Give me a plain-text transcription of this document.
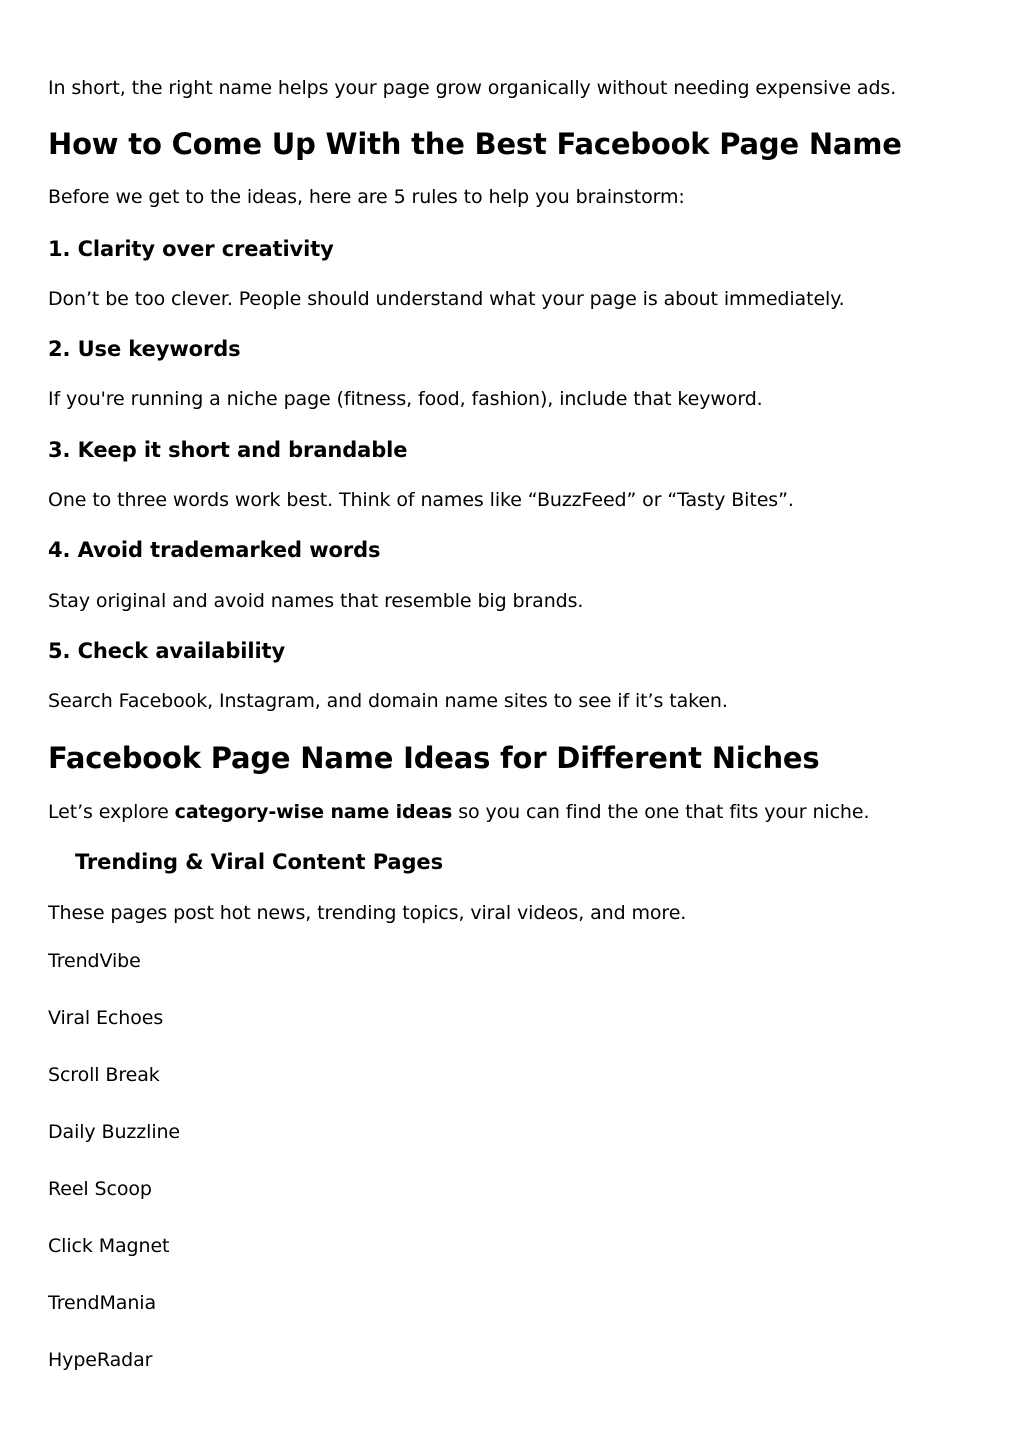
In short, the right name helps your page grow organically without needing expensive ads.
How to Come Up With the Best Facebook Page Name
Before we get to the ideas, here are 5 rules to help you brainstorm:
1. Clarity over creativity
Don’t be too clever. People should understand what your page is about immediately.
2. Use keywords
If you're running a niche page (fitness, food, fashion), include that keyword.
3. Keep it short and brandable
One to three words work best. Think of names like “BuzzFeed” or “Tasty Bites”.
4. Avoid trademarked words
Stay original and avoid names that resemble big brands.
5. Check availability
Search Facebook, Instagram, and domain name sites to see if it’s taken.
Facebook Page Name Ideas for Different Niches
Let’s explore category-wise name ideas so you can find the one that fits your niche.
Trending & Viral Content Pages
These pages post hot news, trending topics, viral videos, and more.
TrendVibe
Viral Echoes
Scroll Break
Daily Buzzline
Reel Scoop
Click Magnet
TrendMania
HypeRadar
